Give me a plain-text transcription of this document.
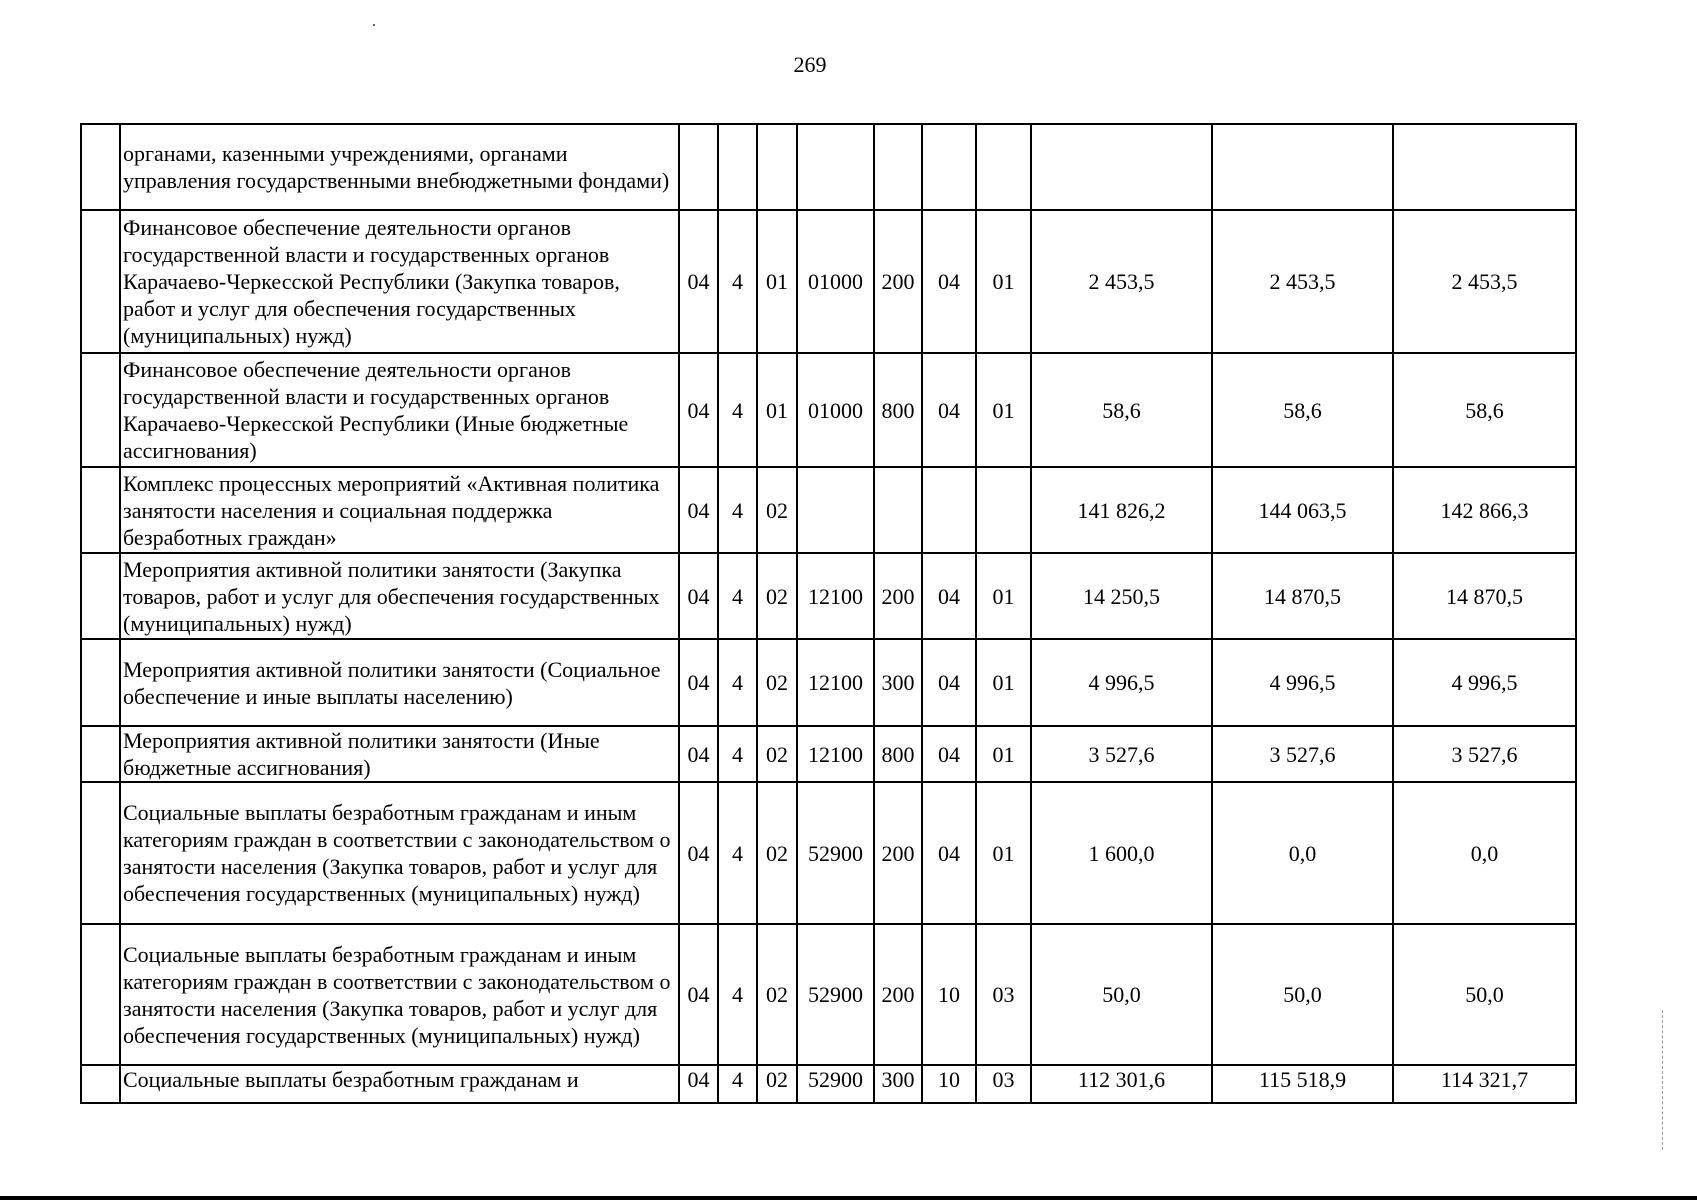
269
	органами, казенными учреждениями, органами управления государственными внебюджетными фондами)										
	Финансовое обеспечение деятельности органов государственной власти и государственных органов Карачаево-Черкесской Республики (Закупка товаров, работ и услуг для обеспечения государственных (муниципальных) нужд)	04	4	01	01000	200	04	01	2 453,5	2 453,5	2 453,5
	Финансовое обеспечение деятельности органов государственной власти и государственных органов Карачаево-Черкесской Республики (Иные бюджетные ассигнования)	04	4	01	01000	800	04	01	58,6	58,6	58,6
	Комплекс процессных мероприятий «Активная политика занятости населения и социальная поддержка безработных граждан»	04	4	02					141 826,2	144 063,5	142 866,3
	Мероприятия активной политики занятости (Закупка товаров, работ и услуг для обеспечения государственных (муниципальных) нужд)	04	4	02	12100	200	04	01	14 250,5	14 870,5	14 870,5
	Мероприятия активной политики занятости (Социальное обеспечение и иные выплаты населению)	04	4	02	12100	300	04	01	4 996,5	4 996,5	4 996,5
	Мероприятия активной политики занятости (Иные бюджетные ассигнования)	04	4	02	12100	800	04	01	3 527,6	3 527,6	3 527,6
	Социальные выплаты безработным гражданам и иным категориям граждан в соответствии с законодательством о занятости населения (Закупка товаров, работ и услуг для обеспечения государственных (муниципальных) нужд)	04	4	02	52900	200	04	01	1 600,0	0,0	0,0
	Социальные выплаты безработным гражданам и иным категориям граждан в соответствии с законодательством о занятости населения (Закупка товаров, работ и услуг для обеспечения государственных (муниципальных) нужд)	04	4	02	52900	200	10	03	50,0	50,0	50,0
	Социальные выплаты безработным гражданам и	04	4	02	52900	300	10	03	112 301,6	115 518,9	114 321,7
